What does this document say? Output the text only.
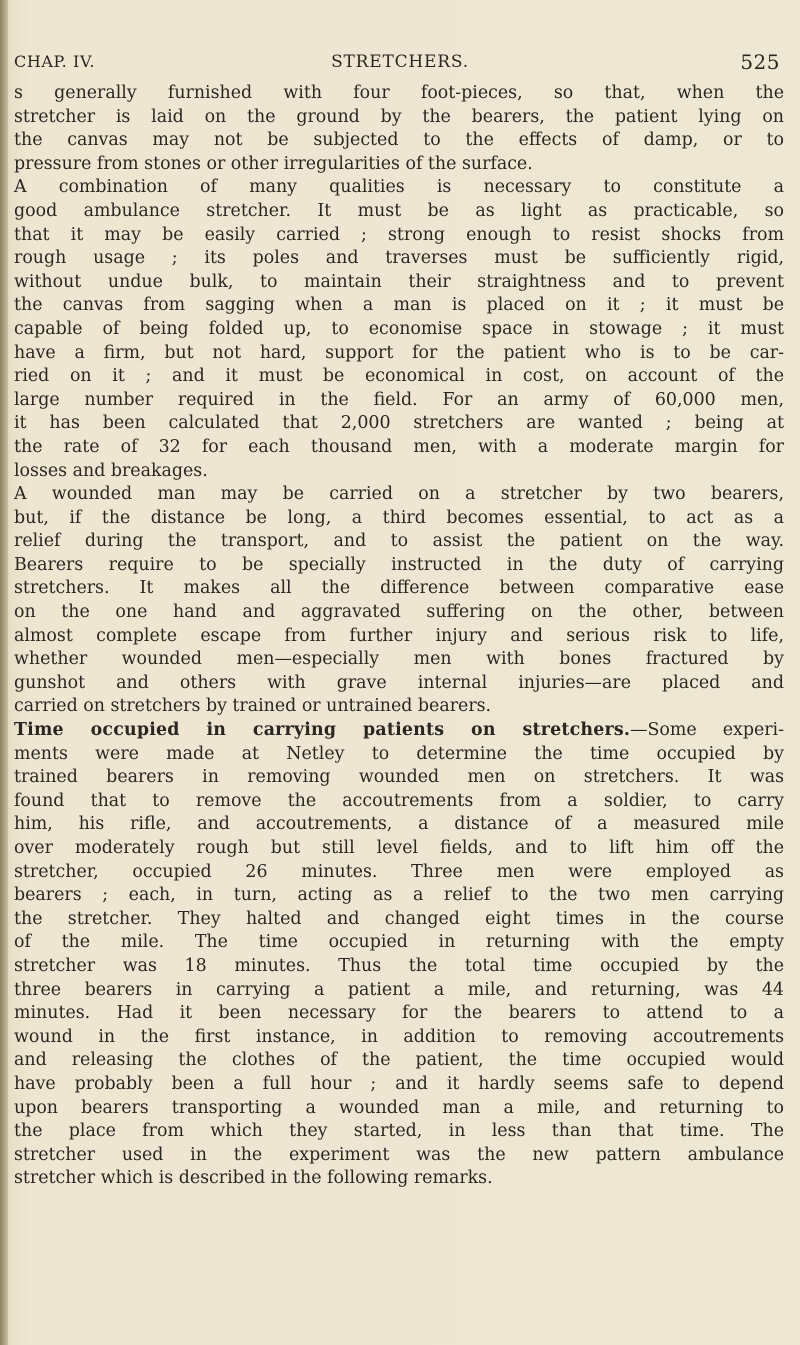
CHAP. IV.	STRETCHERS.	525
s generally furnished with four foot-pieces, so that, when the
stretcher is laid on the ground by the bearers, the patient lying on
the canvas may not be subjected to the effects of damp, or to
pressure from stones or other irregularities of the surface.
A combination of many qualities is necessary to constitute a
good ambulance stretcher. It must be as light as practicable, so
that it may be easily carried ; strong enough to resist shocks from
rough usage ; its poles and traverses must be sufficiently rigid,
without undue bulk, to maintain their straightness and to prevent
the canvas from sagging when a man is placed on it ; it must be
capable of being folded up, to economise space in stowage ; it must
have a firm, but not hard, support for the patient who is to be car-
ried on it ; and it must be economical in cost, on account of the
large number required in the field. For an army of 60,000 men,
it has been calculated that 2,000 stretchers are wanted ; being at
the rate of 32 for each thousand men, with a moderate margin for
losses and breakages.
A wounded man may be carried on a stretcher by two bearers,
but, if the distance be long, a third becomes essential, to act as a
relief during the transport, and to assist the patient on the way.
Bearers require to be specially instructed in the duty of carrying
stretchers. It makes all the difference between comparative ease
on the one hand and aggravated suffering on the other, between
almost complete escape from further injury and serious risk to life,
whether wounded men—especially men with bones fractured by
gunshot and others with grave internal injuries—are placed and
carried on stretchers by trained or untrained bearers.
Time occupied in carrying patients on stretchers.—Some experi-
ments were made at Netley to determine the time occupied by
trained bearers in removing wounded men on stretchers. It was
found that to remove the accoutrements from a soldier, to carry
him, his rifle, and accoutrements, a distance of a measured mile
over moderately rough but still level fields, and to lift him off the
stretcher, occupied 26 minutes. Three men were employed as
bearers ; each, in turn, acting as a relief to the two men carrying
the stretcher. They halted and changed eight times in the course
of the mile. The time occupied in returning with the empty
stretcher was 18 minutes. Thus the total time occupied by the
three bearers in carrying a patient a mile, and returning, was 44
minutes. Had it been necessary for the bearers to attend to a
wound in the first instance, in addition to removing accoutrements
and releasing the clothes of the patient, the time occupied would
have probably been a full hour ; and it hardly seems safe to depend
upon bearers transporting a wounded man a mile, and returning to
the place from which they started, in less than that time. The
stretcher used in the experiment was the new pattern ambulance
stretcher which is described in the following remarks.
